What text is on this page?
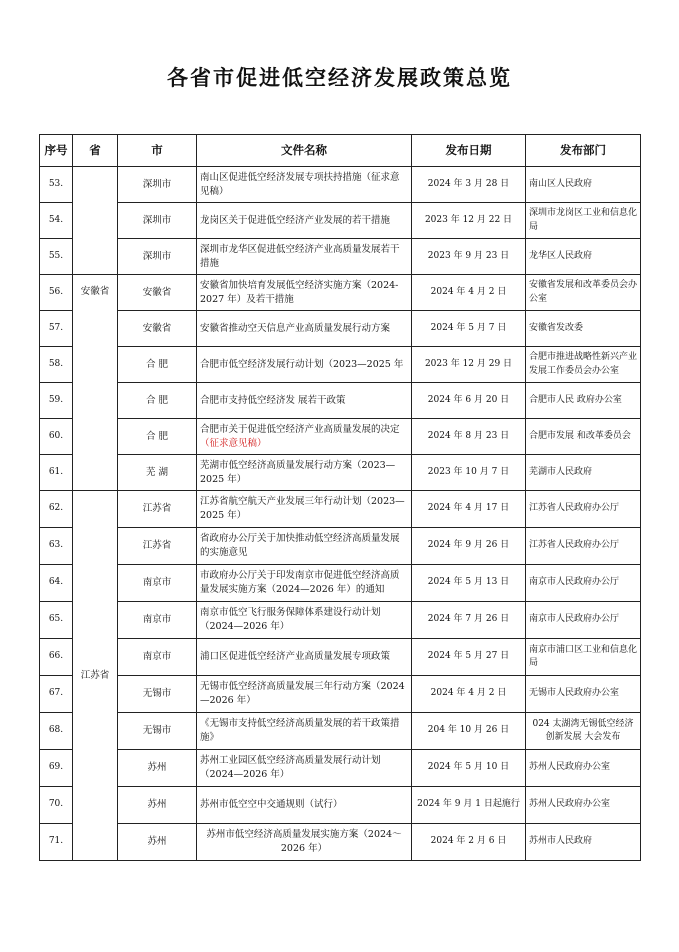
各省市促进低空经济发展政策总览
序号	省	市	文件名称	发布日期	发布部门
53.		深圳市	南山区促进低空经济发展专项扶持措施（征求意见稿）	2024 年 3 月 28 日	南山区人民政府
54.		深圳市	龙岗区关于促进低空经济产业发展的若干措施	2023 年 12 月 22 日	深圳市龙岗区工业和信息化局
55.		深圳市	深圳市龙华区促进低空经济产业高质量发展若干措施	2023 年 9 月 23 日	龙华区人民政府
56.	安徽省	安徽省	安徽省加快培育发展低空经济实施方案（2024-2027 年）及若干措施	2024 年 4 月 2 日	安徽省发展和改革委员会办公室
57.		安徽省	安徽省推动空天信息产业高质量发展行动方案	2024 年 5 月 7 日	安徽省发改委
58.		合 肥	合肥市低空经济发展行动计划（2023—2025 年	2023 年 12 月 29 日	合肥市推进战略性新兴产业发展工作委员会办公室
59.		合 肥	合肥市支持低空经济发 展若干政策	2024 年 6 月 20 日	合肥市人民 政府办公室
60.		合 肥	合肥市关于促进低空经济产业高质量发展的决定（征求意见稿）	2024 年 8 月 23 日	合肥市发展 和改革委员会
61.		芜 湖	芜湖市低空经济高质量发展行动方案（2023—2025 年）	2023 年 10 月 7 日	芜湖市人民政府
62.	江苏省	江苏省	江苏省航空航天产业发展三年行动计划（2023—2025 年）	2024 年 4 月 17 日	江苏省人民政府办公厅
63.		江苏省	省政府办公厅关于加快推动低空经济高质量发展的实施意见	2024 年 9 月 26 日	江苏省人民政府办公厅
64.		南京市	市政府办公厅关于印发南京市促进低空经济高质量发展实施方案（2024—2026 年）的通知	2024 年 5 月 13 日	南京市人民政府办公厅
65.		南京市	南京市低空飞行服务保障体系建设行动计划（2024—2026 年）	2024 年 7 月 26 日	南京市人民政府办公厅
66.		南京市	浦口区促进低空经济产业高质量发展专项政策	2024 年 5 月 27 日	南京市浦口区工业和信息化局
67.		无锡市	无锡市低空经济高质量发展三年行动方案（2024—2026 年）	2024 年 4 月 2 日	无锡市人民政府办公室
68.		无锡市	《无锡市支持低空经济高质量发展的若干政策措施》	204 年 10 月 26 日	024 太湖湾无锡低空经济 创新发展 大会发布
69.		苏州	苏州工业园区低空经济高质量发展行动计划（2024—2026 年）	2024 年 5 月 10 日	苏州人民政府办公室
70.		苏州	苏州市低空空中交通规则（试行）	2024 年 9 月 1 日起施行	苏州人民政府办公室
71.		苏州	苏州市低空经济高质量发展实施方案（2024～2026 年）	2024 年 2 月 6 日	苏州市人民政府
